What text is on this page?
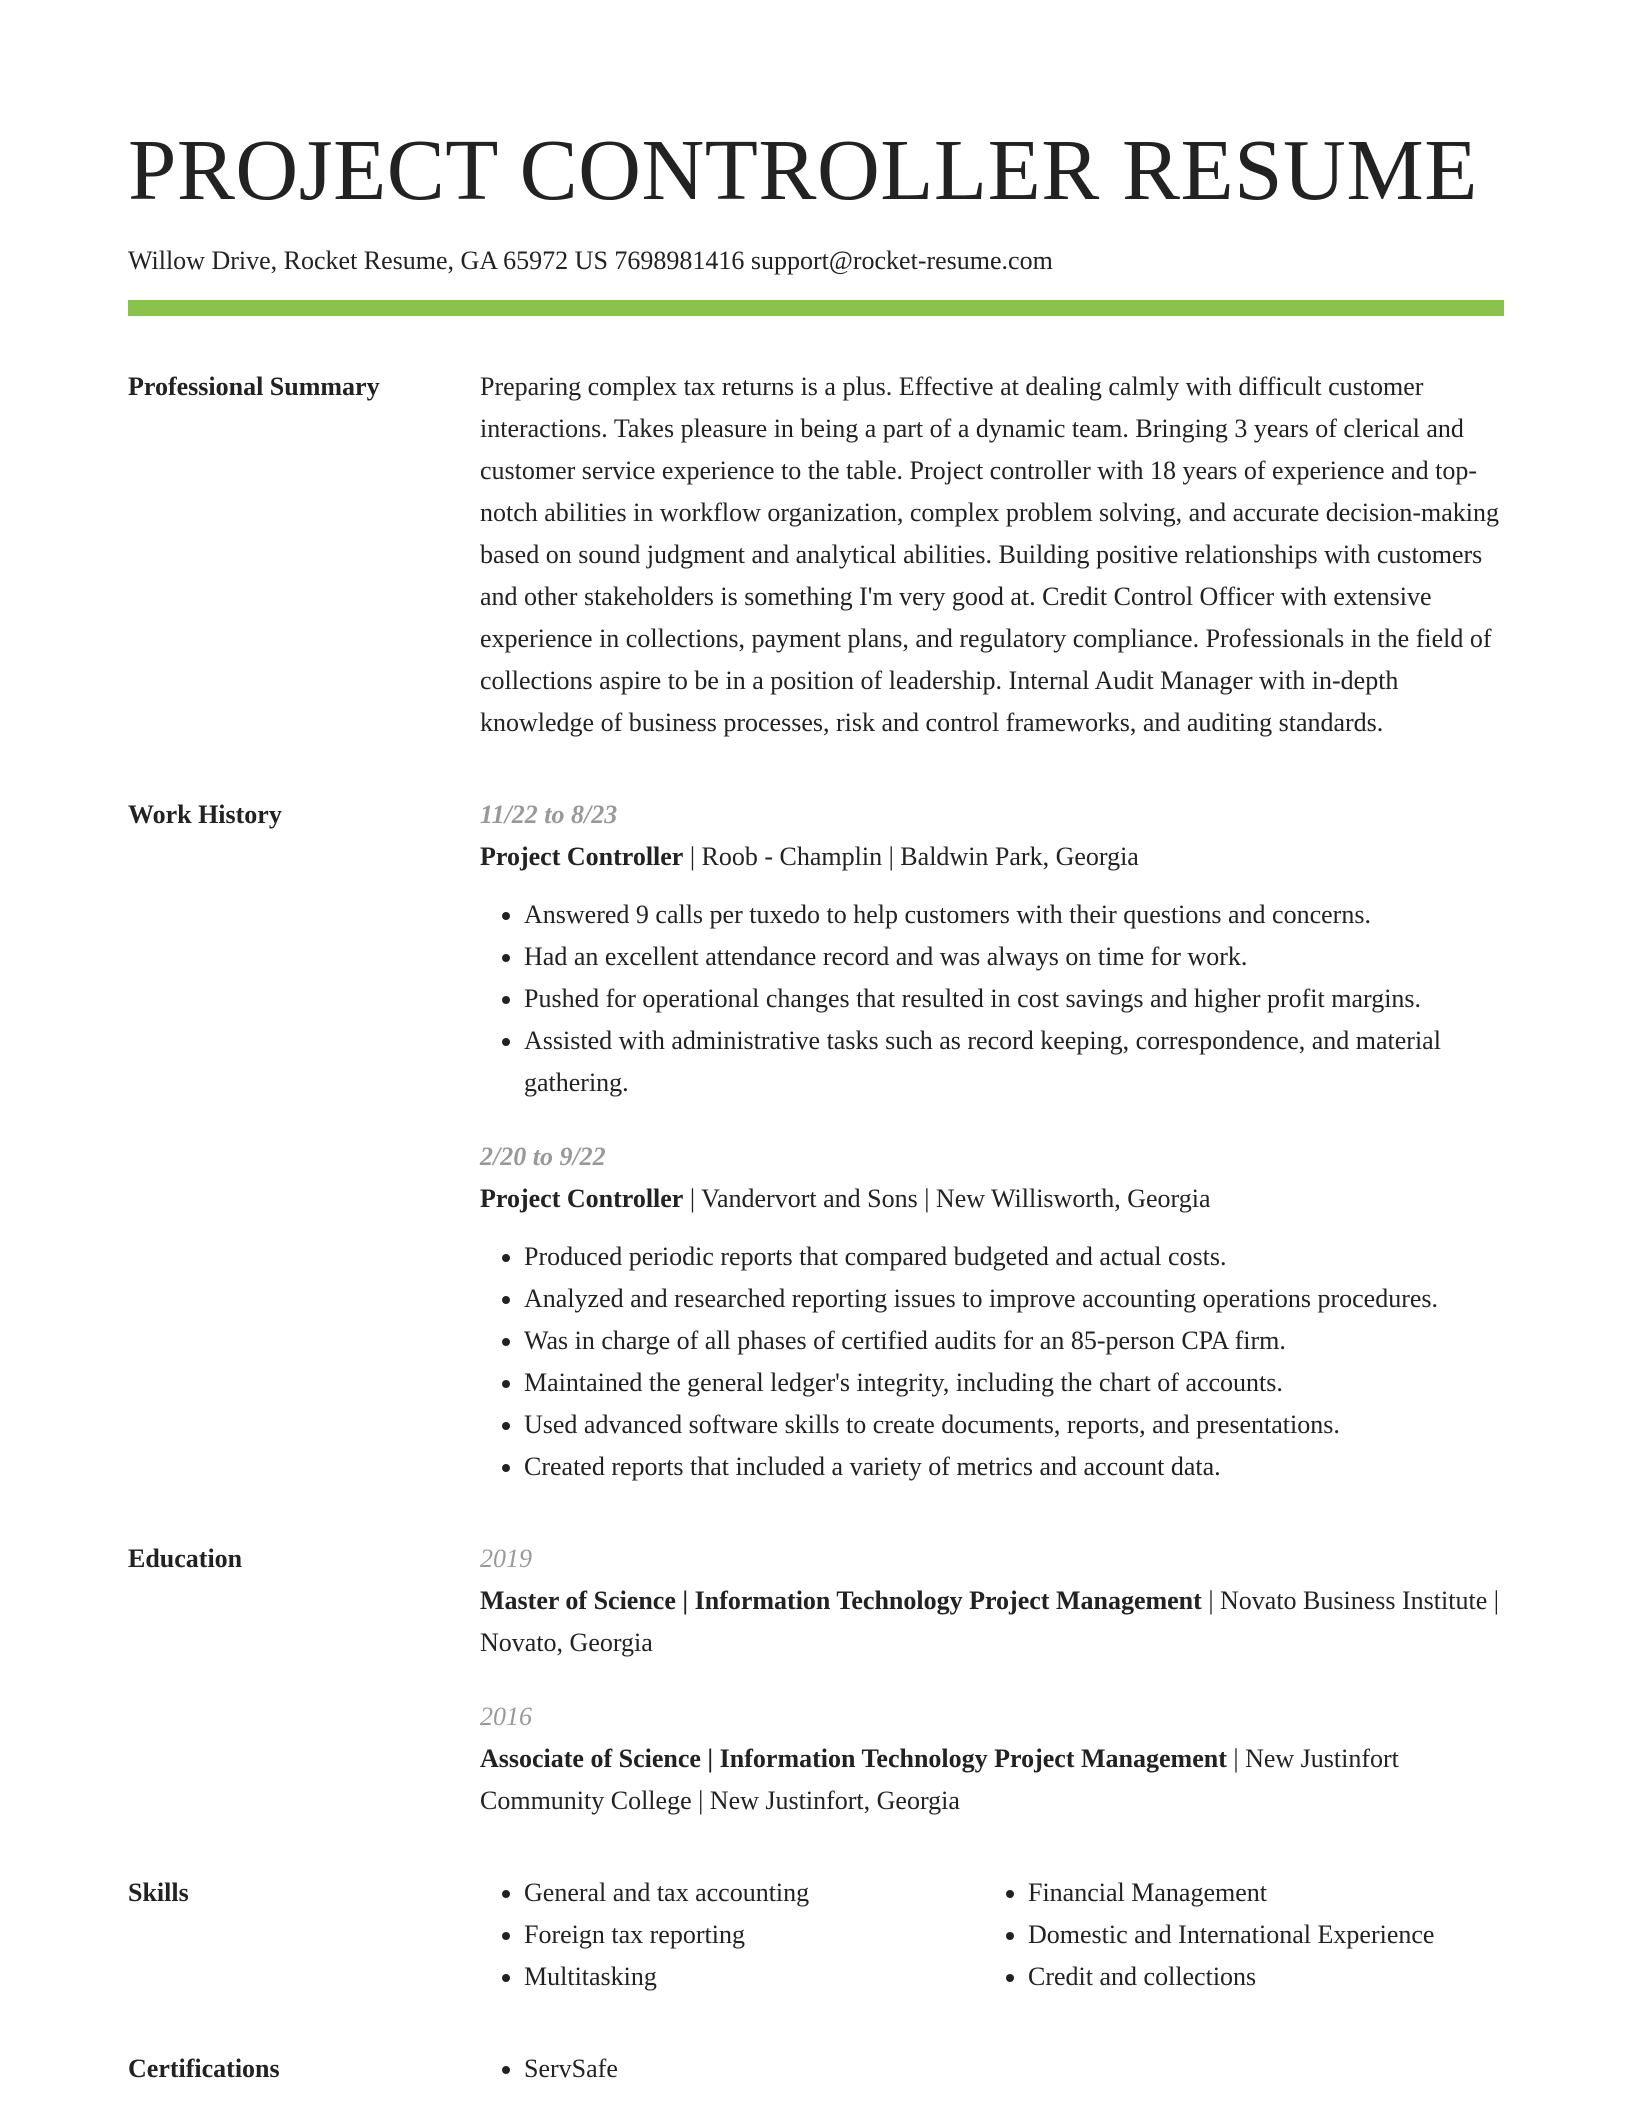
PROJECT CONTROLLER RESUME
Willow Drive, Rocket Resume, GA 65972 US 7698981416 support@rocket-resume.com
Professional Summary	Preparing complex tax returns is a plus. Effective at dealing calmly with difficult customer interactions. Takes pleasure in being a part of a dynamic team. Bringing 3 years of clerical and customer service experience to the table. Project controller with 18 years of experience and top-notch abilities in workflow organization, complex problem solving, and accurate decision-making based on sound judgment and analytical abilities. Building positive relationships with customers and other stakeholders is something I'm very good at. Credit Control Officer with extensive experience in collections, payment plans, and regulatory compliance. Professionals in the field of collections aspire to be in a position of leadership. Internal Audit Manager with in-depth knowledge of business processes, risk and control frameworks, and auditing standards.

Work History	11/22 to 8/23
Project Controller | Roob - Champlin | Baldwin Park, Georgia
• Answered 9 calls per tuxedo to help customers with their questions and concerns.
• Had an excellent attendance record and was always on time for work.
• Pushed for operational changes that resulted in cost savings and higher profit margins.
• Assisted with administrative tasks such as record keeping, correspondence, and material gathering.
2/20 to 9/22
Project Controller | Vandervort and Sons | New Willisworth, Georgia
• Produced periodic reports that compared budgeted and actual costs.
• Analyzed and researched reporting issues to improve accounting operations procedures.
• Was in charge of all phases of certified audits for an 85-person CPA firm.
• Maintained the general ledger's integrity, including the chart of accounts.
• Used advanced software skills to create documents, reports, and presentations.
• Created reports that included a variety of metrics and account data.
Education	2019
Master of Science | Information Technology Project Management | Novato Business Institute | Novato, Georgia
2016
Associate of Science | Information Technology Project Management | New Justinfort Community College | New Justinfort, Georgia
Skills	• General and tax accounting
• Foreign tax reporting
• Multitasking
• Financial Management
• Domestic and International Experience
• Credit and collections
Certifications	• ServSafe
